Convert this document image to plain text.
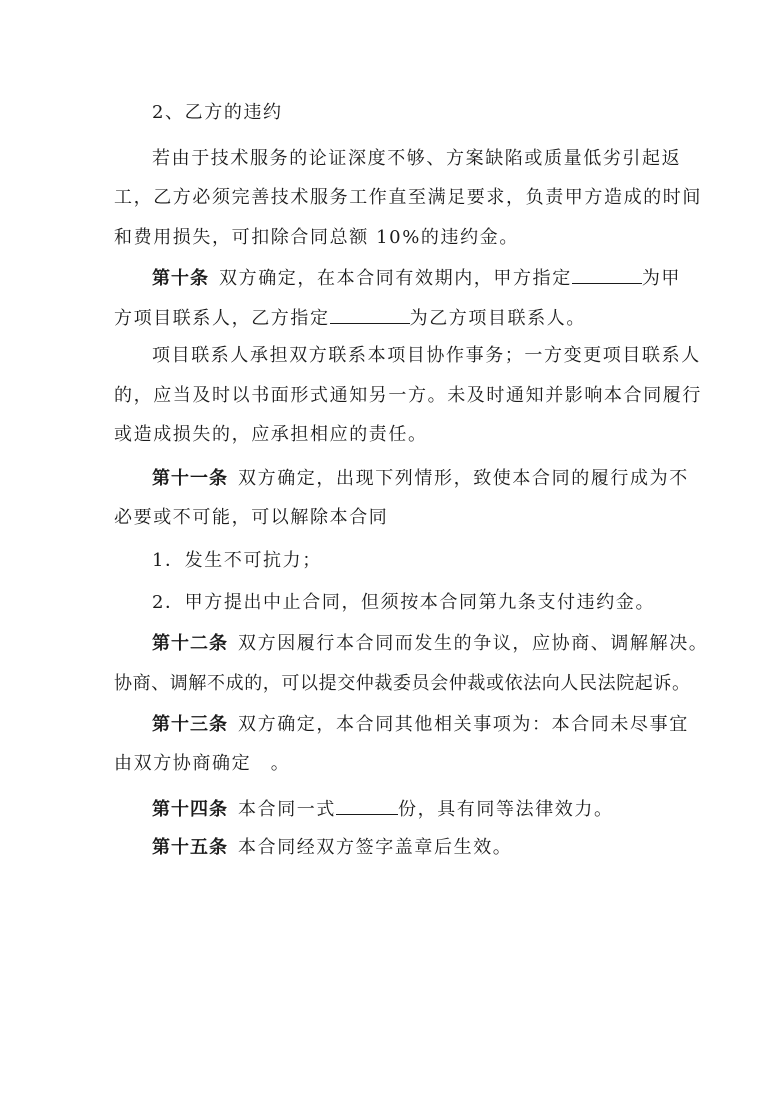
2、乙方的违约
若由于技术服务的论证深度不够、方案缺陷或质量低劣引起返
工，乙方必须完善技术服务工作直至满足要求，负责甲方造成的时间
和费用损失，可扣除合同总额 10%的违约金。
第十条 双方确定，在本合同有效期内，甲方指定	为甲
方项目联系人，乙方指定	为乙方项目联系人。
项目联系人承担双方联系本项目协作事务；一方变更项目联系人
的，应当及时以书面形式通知另一方。未及时通知并影响本合同履行
或造成损失的，应承担相应的责任。
第十一条 双方确定，出现下列情形，致使本合同的履行成为不
必要或不可能，可以解除本合同
1．发生不可抗力；
2．甲方提出中止合同，但须按本合同第九条支付违约金。
第十二条 双方因履行本合同而发生的争议，应协商、调解解决。
协商、调解不成的，可以提交仲裁委员会仲裁或依法向人民法院起诉。
第十三条 双方确定，本合同其他相关事项为：本合同未尽事宜
由双方协商确定　。
第十四条 本合同一式	份，具有同等法律效力。
第十五条 本合同经双方签字盖章后生效。
